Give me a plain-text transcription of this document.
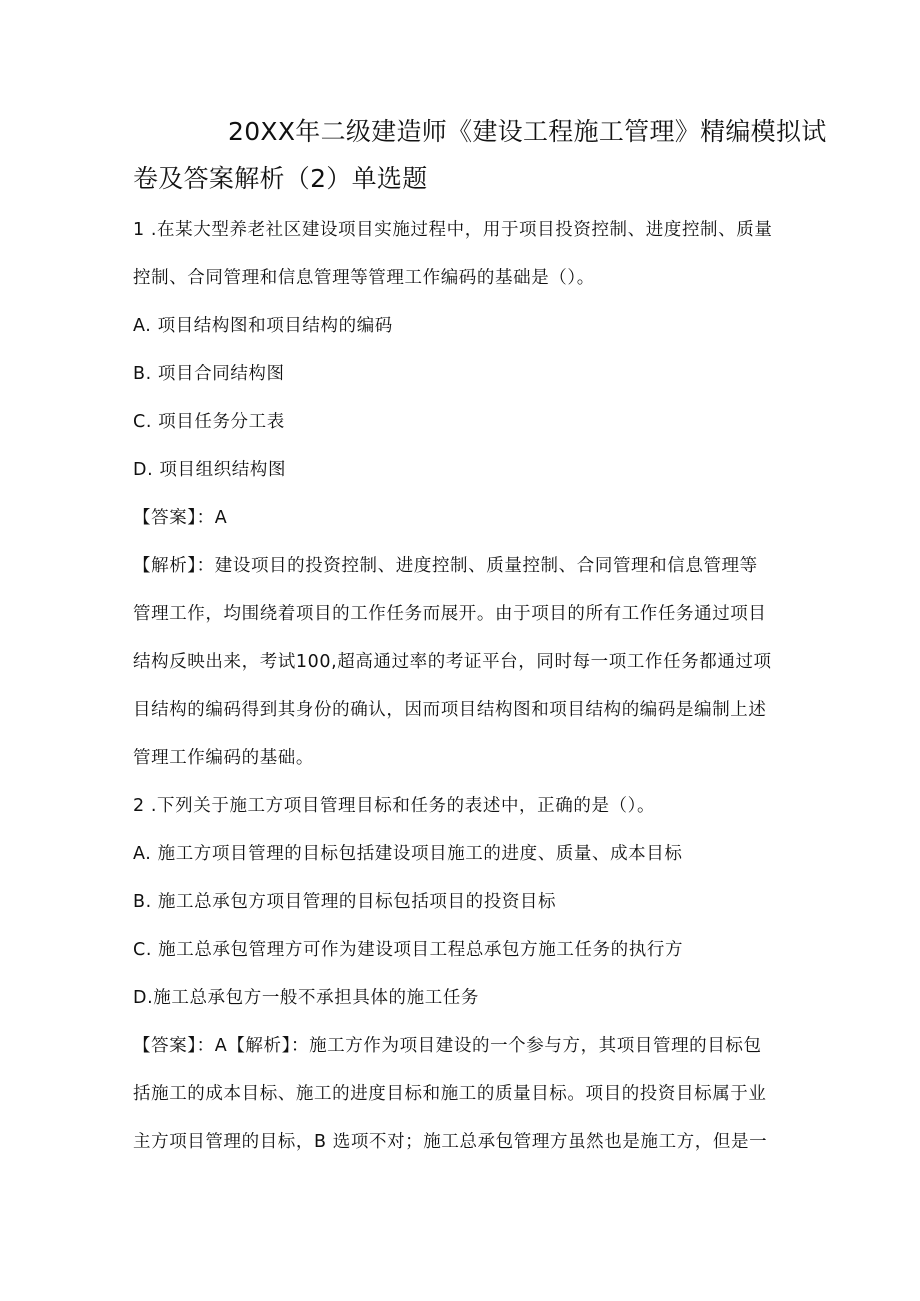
20XX年二级建造师《建设工程施工管理》精编模拟试
卷及答案解析（2）单选题
1 .在某大型养老社区建设项目实施过程中，用于项目投资控制、进度控制、质量
控制、合同管理和信息管理等管理工作编码的基础是（）。
A. 项目结构图和项目结构的编码
B. 项目合同结构图
C. 项目任务分工表
D. 项目组织结构图
【答案】：A
【解析】：建设项目的投资控制、进度控制、质量控制、合同管理和信息管理等
管理工作，均围绕着项目的工作任务而展开。由于项目的所有工作任务通过项目
结构反映出来，考试100,超高通过率的考证平台，同时每一项工作任务都通过项
目结构的编码得到其身份的确认，因而项目结构图和项目结构的编码是编制上述
管理工作编码的基础。
2 .下列关于施工方项目管理目标和任务的表述中，正确的是（）。
A. 施工方项目管理的目标包括建设项目施工的进度、质量、成本目标
B. 施工总承包方项目管理的目标包括项目的投资目标
C. 施工总承包管理方可作为建设项目工程总承包方施工任务的执行方
D.施工总承包方一般不承担具体的施工任务
【答案】：A【解析】：施工方作为项目建设的一个参与方，其项目管理的目标包
括施工的成本目标、施工的进度目标和施工的质量目标。项目的投资目标属于业
主方项目管理的目标，B 选项不对；施工总承包管理方虽然也是施工方，但是一
